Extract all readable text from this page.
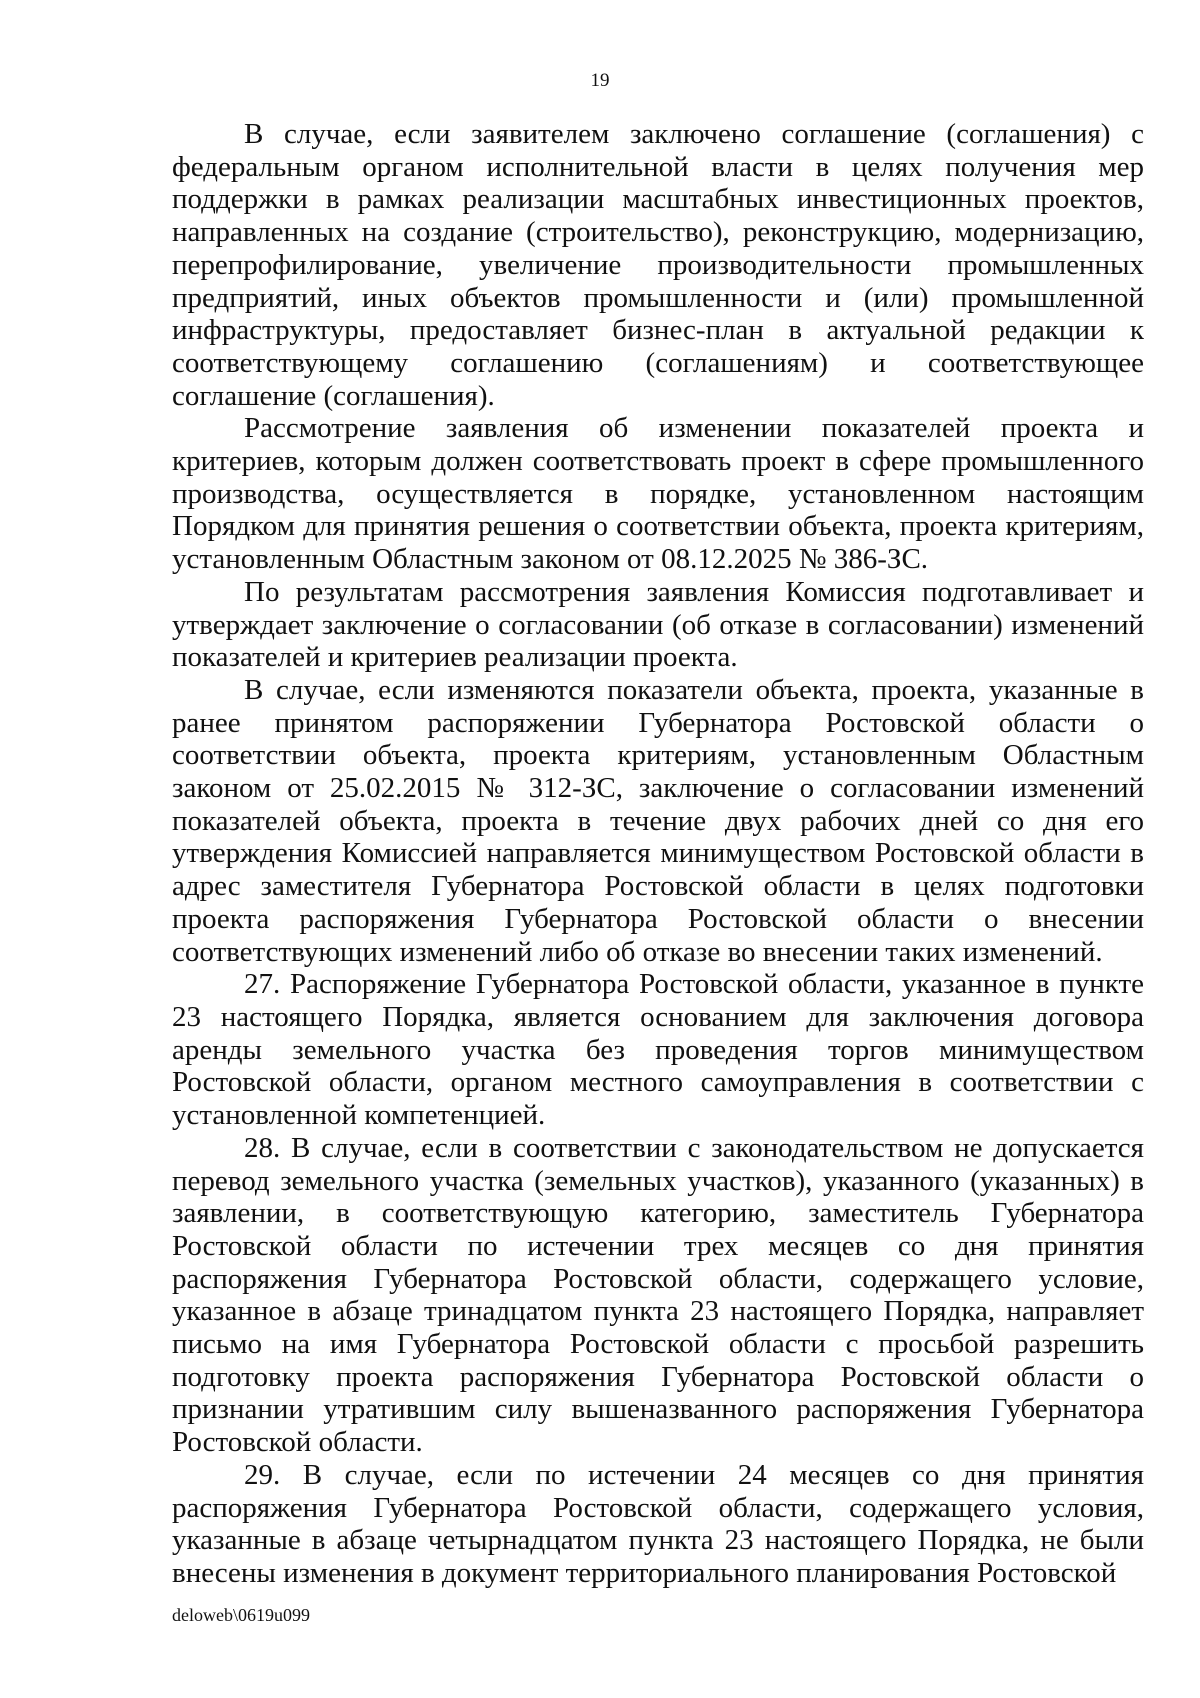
19

В случае, если заявителем заключено соглашение (соглашения) с федеральным органом исполнительной власти в целях получения мер поддержки в рамках реализации масштабных инвестиционных проектов, направленных на создание (строительство), реконструкцию, модернизацию, перепрофилирование, увеличение производительности промышленных предприятий, иных объектов промышленности и (или) промышленной инфраструктуры, предоставляет бизнес-план в актуальной редакции к соответствующему соглашению (соглашениям) и соответствующее соглашение (соглашения).

Рассмотрение заявления об изменении показателей проекта и критериев, которым должен соответствовать проект в сфере промышленного производства, осуществляется в порядке, установленном настоящим Порядком для принятия решения о соответствии объекта, проекта критериям, установленным Областным законом от 08.12.2025 № 386-ЗС.

По результатам рассмотрения заявления Комиссия подготавливает и утверждает заключение о согласовании (об отказе в согласовании) изменений показателей и критериев реализации проекта.

В случае, если изменяются показатели объекта, проекта, указанные в ранее принятом распоряжении Губернатора Ростовской области о соответствии объекта, проекта критериям, установленным Областным законом от 25.02.2015 № 312-ЗС, заключение о согласовании изменений показателей объекта, проекта в течение двух рабочих дней со дня его утверждения Комиссией направляется минимуществом Ростовской области в адрес заместителя Губернатора Ростовской области в целях подготовки проекта распоряжения Губернатора Ростовской области о внесении соответствующих изменений либо об отказе во внесении таких изменений.

27. Распоряжение Губернатора Ростовской области, указанное в пункте 23 настоящего Порядка, является основанием для заключения договора аренды земельного участка без проведения торгов минимуществом Ростовской области, органом местного самоуправления в соответствии с установленной компетенцией.

28. В случае, если в соответствии с законодательством не допускается перевод земельного участка (земельных участков), указанного (указанных) в заявлении, в соответствующую категорию, заместитель Губернатора Ростовской области по истечении трех месяцев со дня принятия распоряжения Губернатора Ростовской области, содержащего условие, указанное в абзаце тринадцатом пункта 23 настоящего Порядка, направляет письмо на имя Губернатора Ростовской области с просьбой разрешить подготовку проекта распоряжения Губернатора Ростовской области о признании утратившим силу вышеназванного распоряжения Губернатора Ростовской области.

29. В случае, если по истечении 24 месяцев со дня принятия распоряжения Губернатора Ростовской области, содержащего условия, указанные в абзаце четырнадцатом пункта 23 настоящего Порядка, не были внесены изменения в документ территориального планирования Ростовской

deloweb\0619u099
